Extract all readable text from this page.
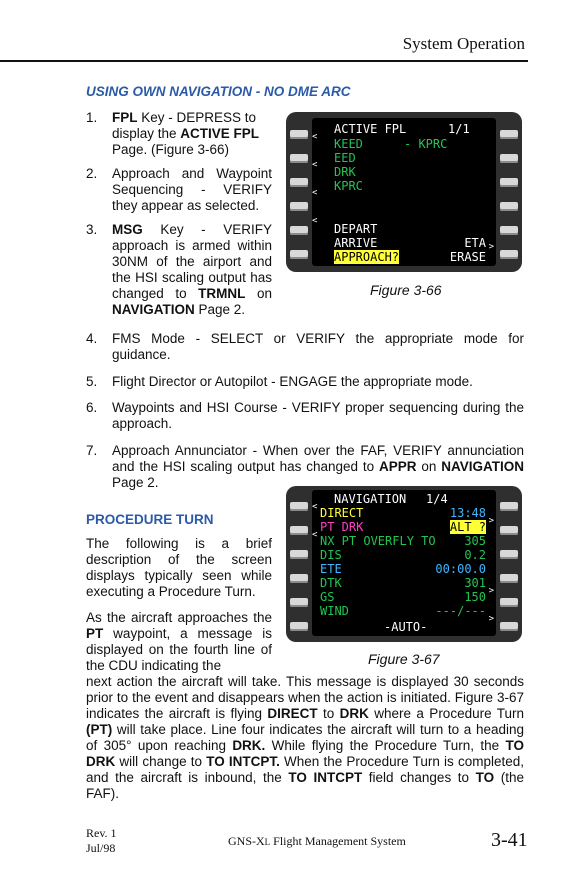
System Operation
USING OWN NAVIGATION - NO DME ARC
1. FPL Key - DEPRESS to display the ACTIVE FPL Page. (Figure 3-66)
2. Approach and Waypoint Sequencing - VERIFY they appear as selected.
3. MSG Key - VERIFY approach is armed within 30NM of the airport and the HSI scaling output has changed to TRMNL on NAVIGATION Page 2.
<
<
<
<
>
ACTIVE FPL	1/1
KEED	- KPRC
EED
DRK
KPRC
DEPART
ARRIVE
APPROACH?
ETA
ERASE
Figure 3-66
4. FMS Mode - SELECT or VERIFY the appropriate mode for guidance.
5. Flight Director or Autopilot - ENGAGE the appropriate mode.
6. Waypoints and HSI Course - VERIFY proper sequencing during the approach.
7. Approach Annunciator - When over the FAF, VERIFY annunciation and the HSI scaling output has changed to APPR on NAVIGATION Page 2.
PROCEDURE TURN
The following is a brief description of the screen displays typically seen while executing a Procedure Turn.
<
<
>
>
>
NAVIGATION 1/4
DIRECT	13:48
PT DRK	ALT ?
NX PT OVERFLY TO 305
DIS	0.2
ETE	00:00.0
DTK	301
GS	150
WIND	---/---
-AUTO-
Figure 3-67
As the aircraft approaches the PT waypoint, a message is displayed on the fourth line of the CDU indicating the
next action the aircraft will take. This message is displayed 30 seconds prior to the event and disappears when the action is initiated. Figure 3-67 indicates the aircraft is flying DIRECT to DRK where a Procedure Turn (PT) will take place. Line four indicates the aircraft will turn to a heading of 305° upon reaching DRK. While flying the Procedure Turn, the TO DRK will change to TO INTCPT. When the Procedure Turn is completed, and the aircraft is inbound, the TO INTCPT field changes to TO (the FAF).
Rev. 1
Jul/98	GNS-XL Flight Management System	3-41
